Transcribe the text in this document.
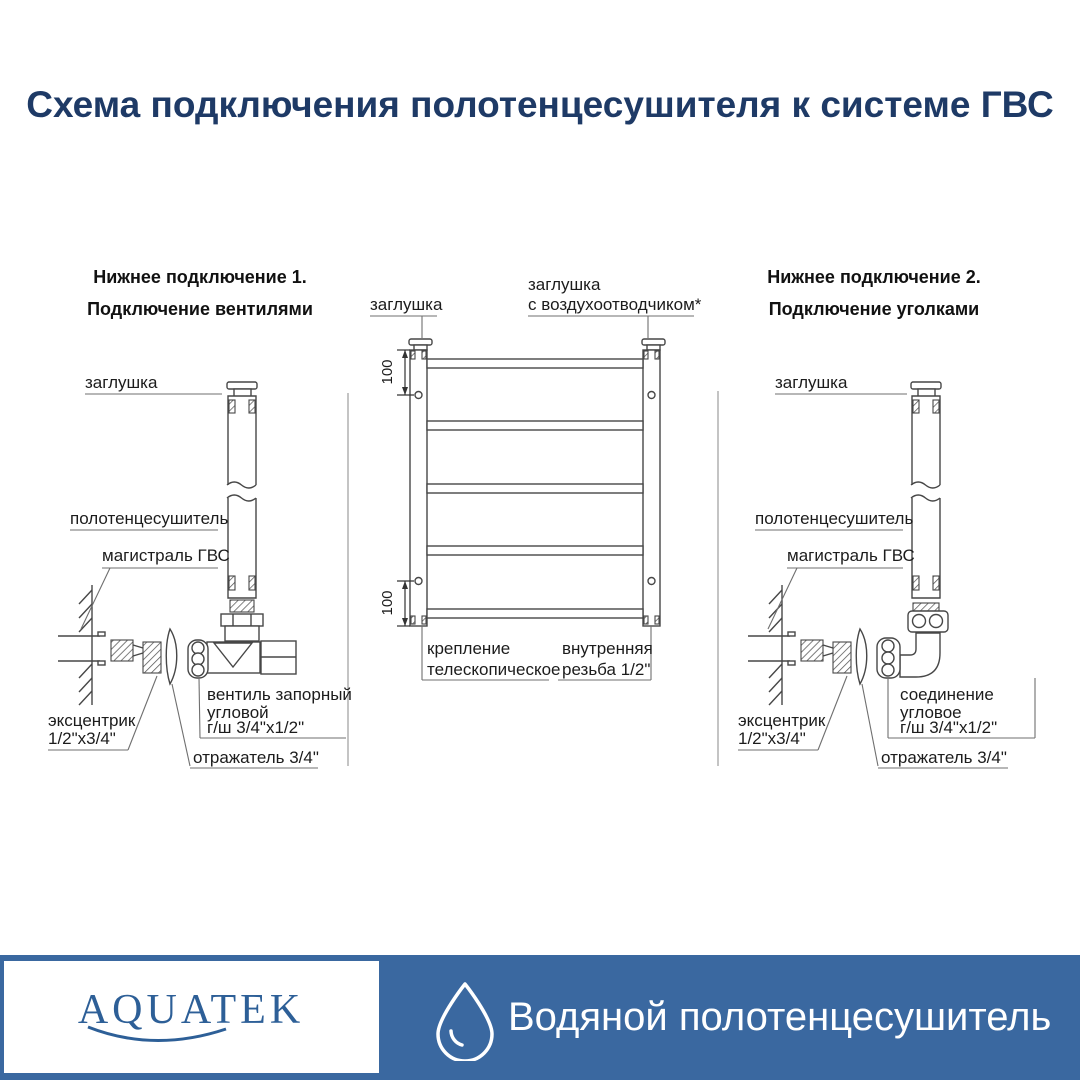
Схема подключения полотенцесушителя к системе ГВС
Нижнее подключение 1.
Подключение вентилями
заглушка
полотенцесушитель
магистраль ГВС
вентиль запорный
угловой
г/ш 3/4"х1/2"
эксцентрик
1/2"х3/4"
отражатель 3/4"
заглушка
заглушка
с воздухоотводчиком*
100
100
крепление
телескопическое
внутренняя
резьба 1/2"
Нижнее подключение 2.
Подключение уголками
заглушка
полотенцесушитель
магистраль ГВС
соединение
угловое
г/ш 3/4"х1/2"
эксцентрик
1/2"х3/4"
отражатель 3/4"
AQUATEK	Водяной полотенцесушитель
